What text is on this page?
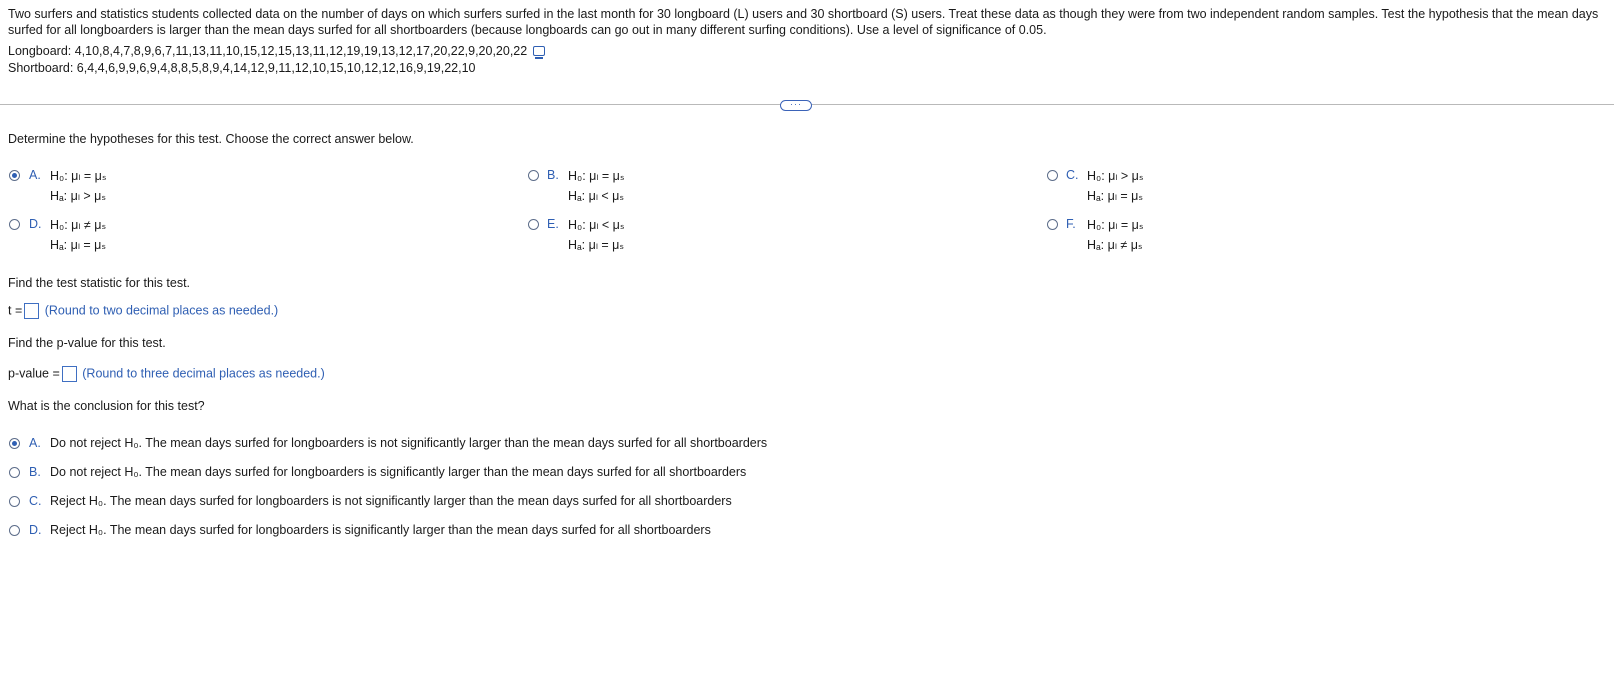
Two surfers and statistics students collected data on the number of days on which surfers surfed in the last month for 30 longboard (L) users and 30 shortboard (S) users. Treat these data as though they were from two independent random samples. Test the hypothesis that the mean days surfed for all longboarders is larger than the mean days surfed for all shortboarders (because longboards can go out in many different surfing conditions). Use a level of significance of 0.05.
Longboard: 4,10,8,4,7,8,9,6,7,11,13,11,10,15,12,15,13,11,12,19,19,13,12,17,20,22,9,20,20,22
Shortboard: 6,4,4,6,9,9,6,9,4,8,8,5,8,9,4,14,12,9,11,12,10,15,10,12,12,16,9,19,22,10
···
Determine the hypotheses for this test. Choose the correct answer below.
A. H₀: μₗ = μₛ
Hₐ: μₗ > μₛ
B. H₀: μₗ = μₛ
Hₐ: μₗ < μₛ
C. H₀: μₗ > μₛ
Hₐ: μₗ = μₛ
D. H₀: μₗ ≠ μₛ
Hₐ: μₗ = μₛ
E. H₀: μₗ < μₛ
Hₐ: μₗ = μₛ
F. H₀: μₗ = μₛ
Hₐ: μₗ ≠ μₛ
Find the test statistic for this test.
t = (Round to two decimal places as needed.)
Find the p-value for this test.
p-value = (Round to three decimal places as needed.)
What is the conclusion for this test?
A. Do not reject H₀. The mean days surfed for longboarders is not significantly larger than the mean days surfed for all shortboarders
B. Do not reject H₀. The mean days surfed for longboarders is significantly larger than the mean days surfed for all shortboarders
C. Reject H₀. The mean days surfed for longboarders is not significantly larger than the mean days surfed for all shortboarders
D. Reject H₀. The mean days surfed for longboarders is significantly larger than the mean days surfed for all shortboarders
